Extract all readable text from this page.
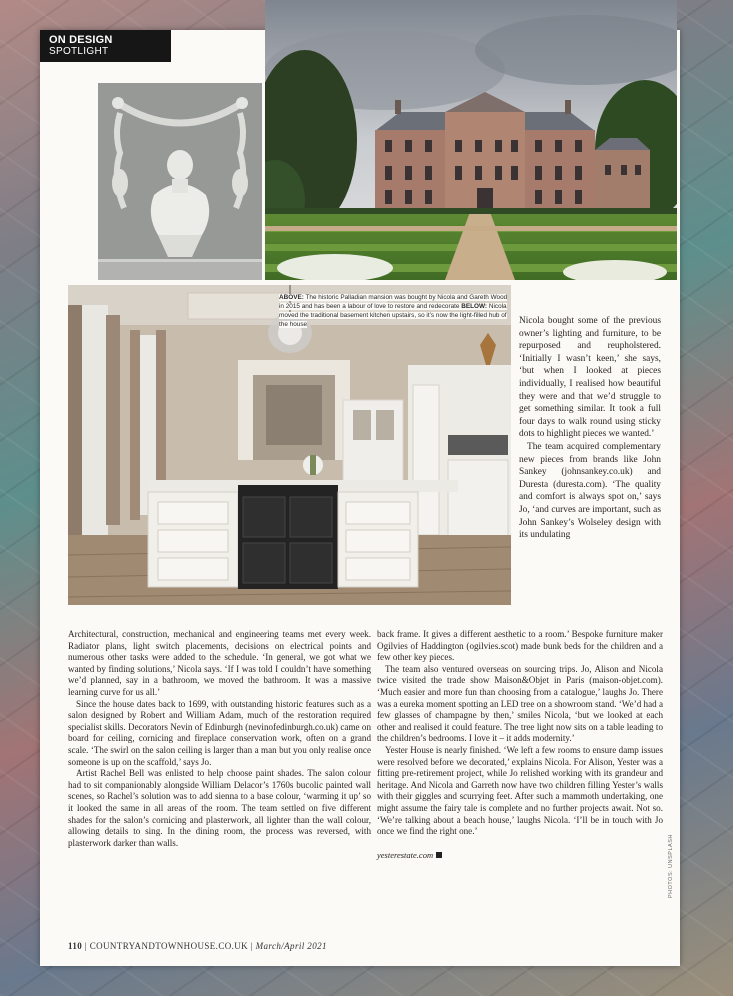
ON DESIGN
SPOTLIGHT
ABOVE: The historic Palladian mansion was bought by Nicola and Gareth Wood in 2015 and has been a labour of love to restore and redecorate BELOW: Nicola moved the traditional basement kitchen upstairs, so it’s now the light-filled hub of the house	Nicola bought some of the previous owner’s lighting and furniture, to be repurposed and reupholstered. ‘Initially I wasn’t keen,’ she says, ‘but when I looked at pieces individually, I realised how beautiful they were and that we’d struggle to get something similar. It took a full four days to walk round using sticky dots to highlight pieces we wanted.’

The team acquired complementary new pieces from brands like John Sankey (johnsankey.co.uk) and Duresta (duresta.com). ‘The quality and comfort is always spot on,’ says Jo, ‘and curves are important, such as John Sankey’s Wolseley design with its undulating

Architectural, construction, mechanical and engineering teams met every week. Radiator plans, light switch placements, decisions on electrical points and numerous other tasks were added to the schedule. ‘In general, we got what we wanted by finding solutions,’ Nicola says. ‘If I was told I couldn’t have something we’d planned, say in a bathroom, we moved the bathroom. It was a massive learning curve for us all.’

Since the house dates back to 1699, with outstanding historic features such as a salon designed by Robert and William Adam, much of the restoration required specialist skills. Decorators Nevin of Edinburgh (nevinofedinburgh.co.uk) came on board for ceiling, cornicing and fireplace conservation work, often on a grand scale. ‘The swirl on the salon ceiling is larger than a man but you only realise once someone is up on the scaffold,’ says Jo.

Artist Rachel Bell was enlisted to help choose paint shades. The salon colour had to sit companionably alongside William Delacor’s 1760s bucolic painted wall scenes, so Rachel’s solution was to add sienna to a base colour, ‘warming it up’ so it looked the same in all areas of the room. The team settled on five different shades for the salon’s cornicing and plasterwork, all lighter than the wall colour, allowing details to sing. In the dining room, the process was reversed, with plasterwork darker than walls.

back frame. It gives a different aesthetic to a room.’ Bespoke furniture maker Ogilvies of Haddington (ogilvies.scot) made bunk beds for the children and a few other key pieces.

The team also ventured overseas on sourcing trips. Jo, Alison and Nicola twice visited the trade show Maison&Objet in Paris (maison-objet.com). ‘Much easier and more fun than choosing from a catalogue,’ laughs Jo. There was a eureka moment spotting an LED tree on a showroom stand. ‘We’d had a few glasses of champagne by then,’ smiles Nicola, ‘but we looked at each other and realised it could feature. The tree light now sits on a table leading to the children’s bedrooms. I love it – it adds modernity.’

Yester House is nearly finished. ‘We left a few rooms to ensure damp issues were resolved before we decorated,’ explains Nicola. For Alison, Yester was a fitting pre-retirement project, while Jo relished working with its grandeur and heritage. And Nicola and Garreth now have two children filling Yester’s walls with their giggles and scurrying feet. After such a mammoth undertaking, one might assume the fairy tale is complete and no further projects await. Not so. ‘We’re talking about a beach house,’ laughs Nicola. ‘I’ll be in touch with Jo once we find the right one.’

yesterestate.com
110 | COUNTRYANDTOWNHOUSE.CO.UK | March/April 2021
PHOTOS: UNSPLASH
